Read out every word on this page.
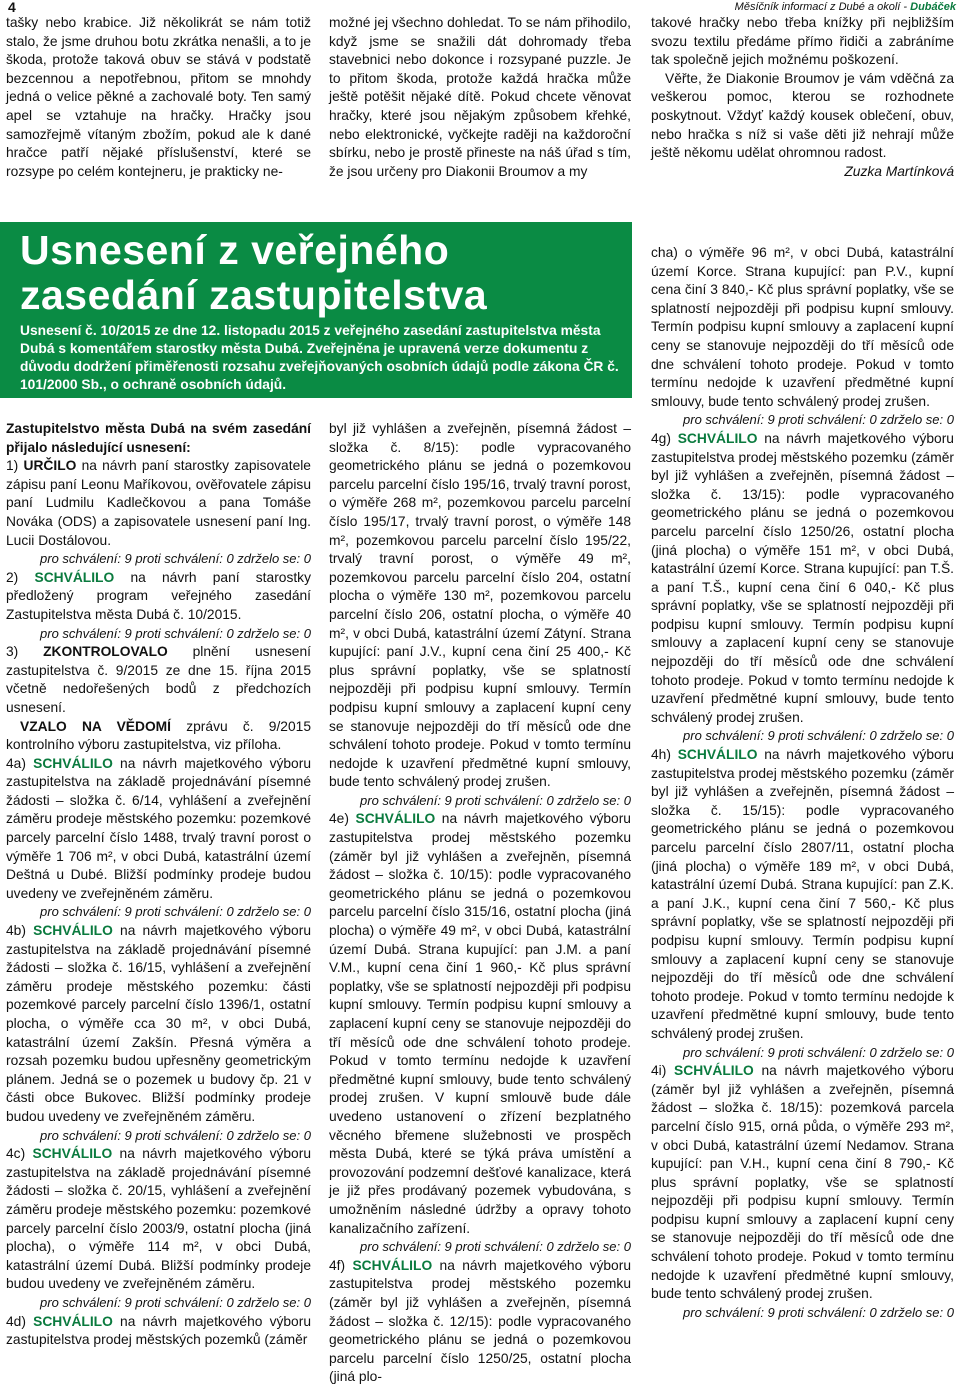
4	Měsíčník informací z Dubé a okolí - Dubáček

tašky nebo krabice. Již několikrát se nám totiž stalo, že jsme druhou botu zkrátka nenašli, a to je škoda, protože taková obuv se stává v podstatě bezcennou a nepotřebnou, přitom se mnohdy jedná o velice pěkné a zachovalé boty. Ten samý apel se vztahuje na hračky. Hračky jsou samozřejmě vítaným zbožím, pokud ale k dané hračce patří nějaké příslušenství, které se rozsype po celém kontejneru, je prakticky ne-

možné jej všechno dohledat. To se nám přihodilo, když jsme se snažili dát dohromady třeba stavebnici nebo dokonce i rozsypané puzzle. Je to přitom škoda, protože každá hračka může ještě potěšit nějaké dítě. Pokud chcete věnovat hračky, které jsou nějakým způsobem křehké, nebo elektronické, vyčkejte raději na každoroční sbírku, nebo je prostě přineste na náš úřad s tím, že jsou určeny pro Diakonii Broumov a my

takové hračky nebo třeba knížky při nejbližším svozu textilu předáme přímo řidiči a zabráníme tak společně jejich možnému poškození.

Věřte, že Diakonie Broumov je vám vděčná za veškerou pomoc, kterou se rozhodnete poskytnout. Vždyť každý kousek oblečení, obuv, nebo hračka s níž si vaše děti již nehrají může ještě někomu udělat ohromnou radost.

Zuzka Martínková

Usnesení z veřejného
zasedání zastupitelstva
Usnesení č. 10/2015 ze dne 12. listopadu 2015 z veřejného zasedání zastupitelstva města Dubá s komentářem starostky města Dubá. Zveřejněna je upravená verze dokumentu z důvodu dodržení přiměřenosti rozsahu zveřejňovaných osobních údajů podle zákona ČR č. 101/2000 Sb., o ochraně osobních údajů.

Zastupitelstvo města Dubá na svém zasedání přijalo následující usnesení:

1) URČILO na návrh paní starostky zapisovatele zápisu paní Leonu Maříkovou, ověřovatele zápisu paní Ludmilu Kadlečkovou a pana Tomáše Nováka (ODS) a zapisovatele usnesení paní Ing. Lucii Dostálovou.

pro schválení: 9 proti schválení: 0 zdrželo se: 0

2) SCHVÁLILO na návrh paní starostky předložený program veřejného zasedání Zastupitelstva města Dubá č. 10/2015.

pro schválení: 9 proti schválení: 0 zdrželo se: 0

3) ZKONTROLOVALO plnění usnesení zastupitelstva č. 9/2015 ze dne 15. října 2015 včetně nedořešených bodů z předchozích usnesení.

VZALO NA VĚDOMÍ zprávu č. 9/2015 kontrolního výboru zastupitelstva, viz příloha.

4a) SCHVÁLILO na návrh majetkového výboru zastupitelstva na základě projednávání písemné žádosti – složka č. 6/14, vyhlášení a zveřejnění záměru prodeje městského pozemku: pozemkové parcely parcelní číslo 1488, trvalý travní porost o výměře 1 706 m², v obci Dubá, katastrální území Deštná u Dubé. Bližší podmínky prodeje budou uvedeny ve zveřejněném záměru.

pro schválení: 9 proti schválení: 0 zdrželo se: 0

4b) SCHVÁLILO na návrh majetkového výboru zastupitelstva na základě projednávání písemné žádosti – složka č. 16/15, vyhlášení a zveřejnění záměru prodeje městského pozemku: části pozemkové parcely parcelní číslo 1396/1, ostatní plocha, o výměře cca 30 m², v obci Dubá, katastrální území Zakšín. Přesná výměra a rozsah pozemku budou upřesněny geometrickým plánem. Jedná se o pozemek u budovy čp. 21 v části obce Bukovec. Bližší podmínky prodeje budou uvedeny ve zveřejněném záměru.

pro schválení: 9 proti schválení: 0 zdrželo se: 0

4c) SCHVÁLILO na návrh majetkového výboru zastupitelstva na základě projednávání písemné žádosti – složka č. 20/15, vyhlášení a zveřejnění záměru prodeje městského pozemku: pozemkové parcely parcelní číslo 2003/9, ostatní plocha (jiná plocha), o výměře 114 m², v obci Dubá, katastrální území Dubá. Bližší podmínky prodeje budou uvedeny ve zveřejněném záměru.

pro schválení: 9 proti schválení: 0 zdrželo se: 0

4d) SCHVÁLILO na návrh majetkového výboru zastupitelstva prodej městských pozemků (záměr

byl již vyhlášen a zveřejněn, písemná žádost – složka č. 8/15): podle vypracovaného geometrického plánu se jedná o pozemkovou parcelu parcelní číslo 195/16, trvalý travní porost, o výměře 268 m², pozemkovou parcelu parcelní číslo 195/17, trvalý travní porost, o výměře 148 m², pozemkovou parcelu parcelní číslo 195/22, trvalý travní porost, o výměře 49 m², pozemkovou parcelu parcelní číslo 204, ostatní plocha o výměře 130 m², pozemkovou parcelu parcelní číslo 206, ostatní plocha, o výměře 40 m², v obci Dubá, katastrální území Zátyní. Strana kupující: paní J.V., kupní cena činí 25 400,- Kč plus správní poplatky, vše se splatností nejpozději při podpisu kupní smlouvy. Termín podpisu kupní smlouvy a zaplacení kupní ceny se stanovuje nejpozději do tří měsíců ode dne schválení tohoto prodeje. Pokud v tomto termínu nedojde k uzavření předmětné kupní smlouvy, bude tento schválený prodej zrušen.

pro schválení: 9 proti schválení: 0 zdrželo se: 0

4e) SCHVÁLILO na návrh majetkového výboru zastupitelstva prodej městského pozemku (záměr byl již vyhlášen a zveřejněn, písemná žádost – složka č. 10/15): podle vypracovaného geometrického plánu se jedná o pozemkovou parcelu parcelní číslo 315/16, ostatní plocha (jiná plocha) o výměře 49 m², v obci Dubá, katastrální území Dubá. Strana kupující: pan J.M. a paní V.M., kupní cena činí 1 960,- Kč plus správní poplatky, vše se splatností nejpozději při podpisu kupní smlouvy. Termín podpisu kupní smlouvy a zaplacení kupní ceny se stanovuje nejpozději do tří měsíců ode dne schválení tohoto prodeje. Pokud v tomto termínu nedojde k uzavření předmětné kupní smlouvy, bude tento schválený prodej zrušen. V kupní smlouvě bude dále uvedeno ustanovení o zřízení bezplatného věcného břemene služebnosti ve prospěch města Dubá, které se týká práva umístění a provozování podzemní dešťové kanalizace, která je již přes prodávaný pozemek vybudována, s umožněním následné údržby a opravy tohoto kanalizačního zařízení.

pro schválení: 9 proti schválení: 0 zdrželo se: 0

4f) SCHVÁLILO na návrh majetkového výboru zastupitelstva prodej městského pozemku (záměr byl již vyhlášen a zveřejněn, písemná žádost – složka č. 12/15): podle vypracovaného geometrického plánu se jedná o pozemkovou parcelu parcelní číslo 1250/25, ostatní plocha (jiná plo-

cha) o výměře 96 m², v obci Dubá, katastrální území Korce. Strana kupující: pan P.V., kupní cena činí 3 840,- Kč plus správní poplatky, vše se splatností nejpozději při podpisu kupní smlouvy. Termín podpisu kupní smlouvy a zaplacení kupní ceny se stanovuje nejpozději do tří měsíců ode dne schválení tohoto prodeje. Pokud v tomto termínu nedojde k uzavření předmětné kupní smlouvy, bude tento schválený prodej zrušen.

pro schválení: 9 proti schválení: 0 zdrželo se: 0

4g) SCHVÁLILO na návrh majetkového výboru zastupitelstva prodej městského pozemku (záměr byl již vyhlášen a zveřejněn, písemná žádost – složka č. 13/15): podle vypracovaného geometrického plánu se jedná o pozemkovou parcelu parcelní číslo 1250/26, ostatní plocha (jiná plocha) o výměře 151 m², v obci Dubá, katastrální území Korce. Strana kupující: pan T.Š. a paní T.Š., kupní cena činí 6 040,- Kč plus správní poplatky, vše se splatností nejpozději při podpisu kupní smlouvy. Termín podpisu kupní smlouvy a zaplacení kupní ceny se stanovuje nejpozději do tří měsíců ode dne schválení tohoto prodeje. Pokud v tomto termínu nedojde k uzavření předmětné kupní smlouvy, bude tento schválený prodej zrušen.

pro schválení: 9 proti schválení: 0 zdrželo se: 0

4h) SCHVÁLILO na návrh majetkového výboru zastupitelstva prodej městského pozemku (záměr byl již vyhlášen a zveřejněn, písemná žádost – složka č. 15/15): podle vypracovaného geometrického plánu se jedná o pozemkovou parcelu parcelní číslo 2807/11, ostatní plocha (jiná plocha) o výměře 189 m², v obci Dubá, katastrální území Dubá. Strana kupující: pan Z.K. a paní J.K., kupní cena činí 7 560,- Kč plus správní poplatky, vše se splatností nejpozději při podpisu kupní smlouvy. Termín podpisu kupní smlouvy a zaplacení kupní ceny se stanovuje nejpozději do tří měsíců ode dne schválení tohoto prodeje. Pokud v tomto termínu nedojde k uzavření předmětné kupní smlouvy, bude tento schválený prodej zrušen.

pro schválení: 9 proti schválení: 0 zdrželo se: 0

4i) SCHVÁLILO na návrh majetkového výboru (záměr byl již vyhlášen a zveřejněn, písemná žádost – složka č. 18/15): pozemková parcela parcelní číslo 915, orná půda, o výměře 293 m², v obci Dubá, katastrální území Nedamov. Strana kupující: pan V.H., kupní cena činí 8 790,- Kč plus správní poplatky, vše se splatností nejpozději při podpisu kupní smlouvy. Termín podpisu kupní smlouvy a zaplacení kupní ceny se stanovuje nejpozději do tří měsíců ode dne schválení tohoto prodeje. Pokud v tomto termínu nedojde k uzavření předmětné kupní smlouvy, bude tento schválený prodej zrušen.

pro schválení: 9 proti schválení: 0 zdrželo se: 0
